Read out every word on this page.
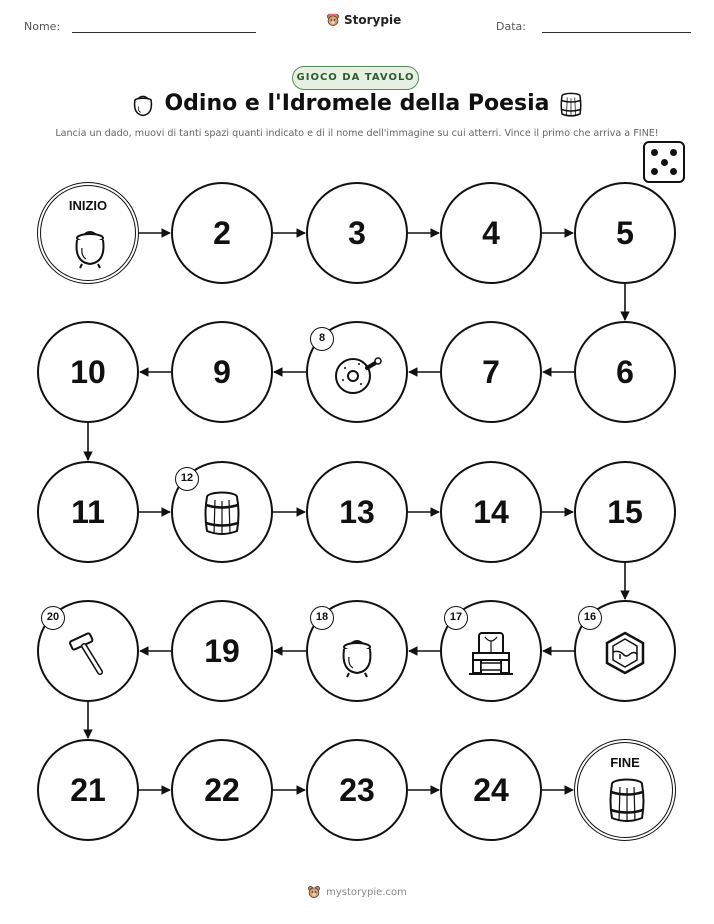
Nome:	Storypie	Data:
GIOCO DA TAVOLO
Odino e l'Idromele della Poesia
Lancia un dado, muovi di tanti spazi quanti indicato e di il nome dell'immagine su cui atterri. Vince il primo che arriva a FINE!
INIZIO
2	3	4	5
6
7
8
9
10
11
12
13	14	15
16
17
18
19
20
21	22	23	24
FINE
mystorypie.com
